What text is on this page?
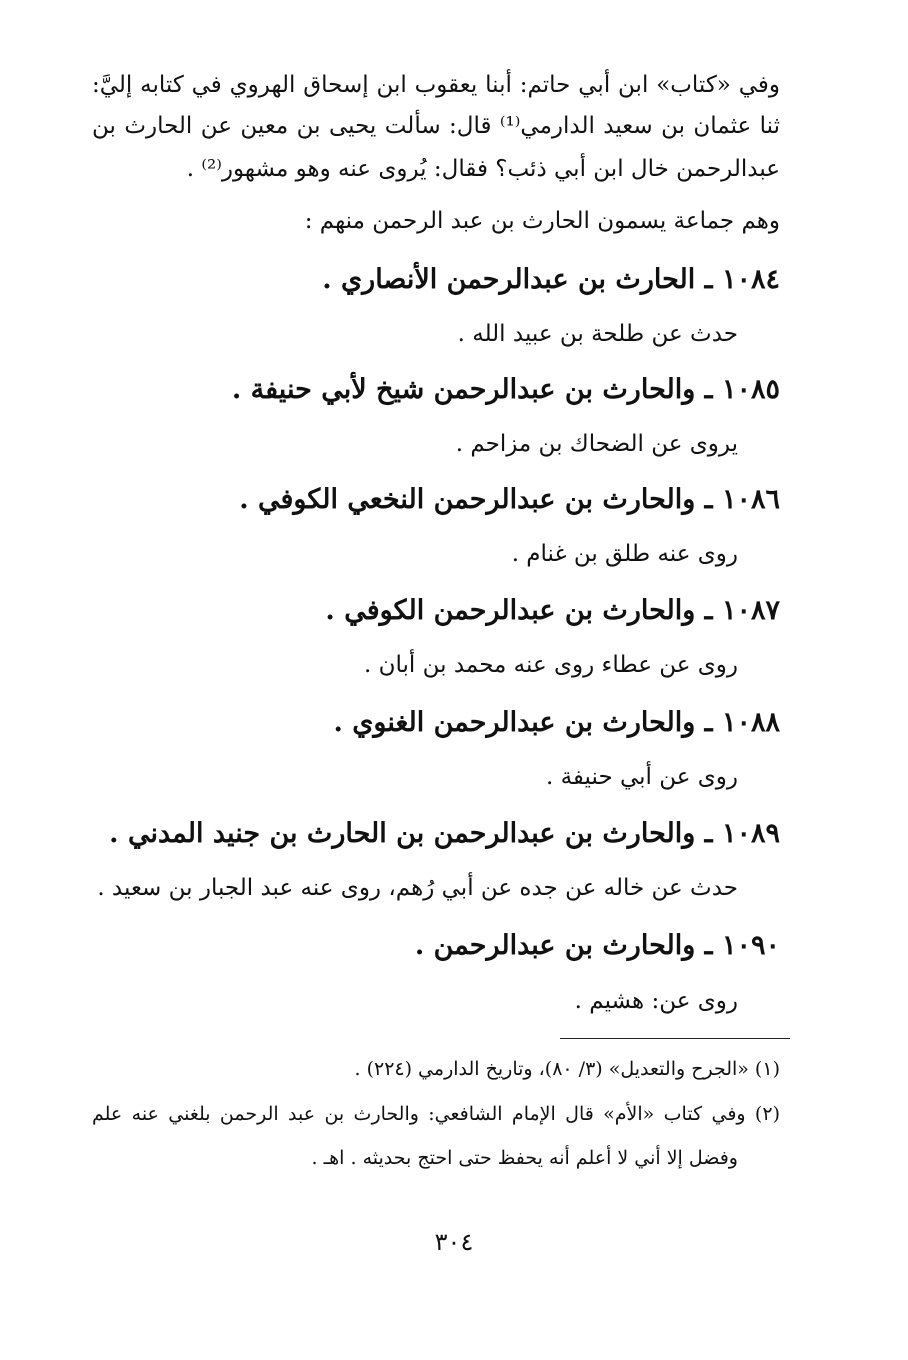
وفي «كتاب» ابن أبي حاتم: أبنا يعقوب ابن إسحاق الهروي في كتابه إليَّ:
ثنا عثمان بن سعيد الدارمي⁽¹⁾ قال: سألت يحيى بن معين عن الحارث بن
عبدالرحمن خال ابن أبي ذئب؟ فقال: يُروى عنه وهو مشهور⁽²⁾ .
وهم جماعة يسمون الحارث بن عبد الرحمن منهم :
١٠٨٤ ـ الحارث بن عبدالرحمن الأنصاري .
حدث عن طلحة بن عبيد الله .
١٠٨٥ ـ والحارث بن عبدالرحمن شيخ لأبي حنيفة .
يروى عن الضحاك بن مزاحم .
١٠٨٦ ـ والحارث بن عبدالرحمن النخعي الكوفي .
روى عنه طلق بن غنام .
١٠٨٧ ـ والحارث بن عبدالرحمن الكوفي .
روى عن عطاء روى عنه محمد بن أبان .
١٠٨٨ ـ والحارث بن عبدالرحمن الغنوي .
روى عن أبي حنيفة .
١٠٨٩ ـ والحارث بن عبدالرحمن بن الحارث بن جنيد المدني .
حدث عن خاله عن جده عن أبي رُهم، روى عنه عبد الجبار بن سعيد .
١٠٩٠ ـ والحارث بن عبدالرحمن .
روى عن: هشيم .
(١) «الجرح والتعديل» (٣/ ٨٠)، وتاريخ الدارمي (٢٢٤) .
(٢) وفي كتاب «الأم» قال الإمام الشافعي: والحارث بن عبد الرحمن بلغني عنه علم
وفضل إلا أني لا أعلم أنه يحفظ حتى احتج بحديثه . اهـ .
٣٠٤
